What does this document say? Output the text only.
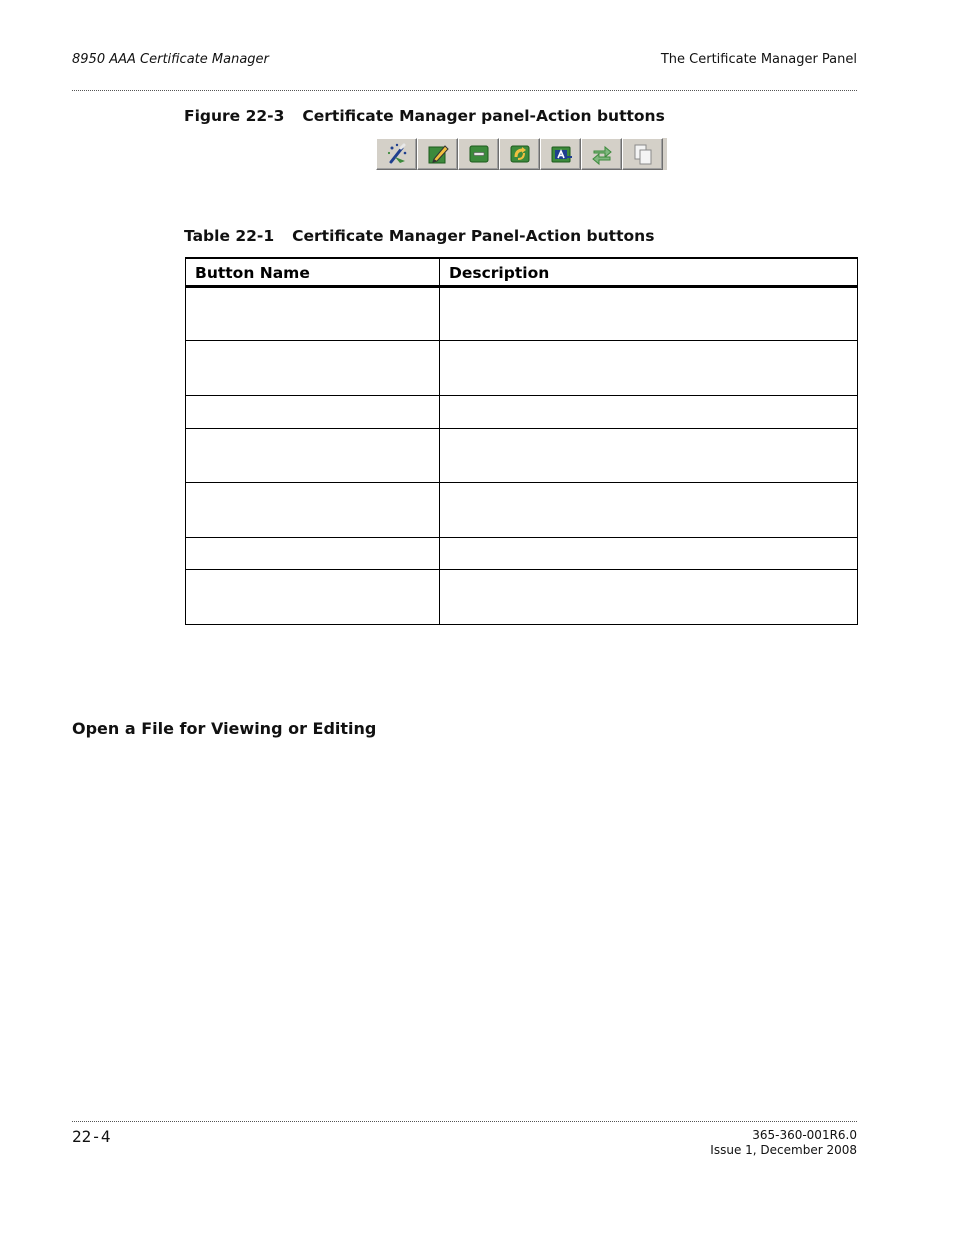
8950 AAA Certificate Manager	The Certificate Manager Panel
Figure 22-3 Certificate Manager panel-Action buttons
Table 22-1 Certificate Manager Panel-Action buttons
Button Name	Description

Open a File for Viewing or Editing
22-4	365-360-001R6.0
Issue 1, December 2008
